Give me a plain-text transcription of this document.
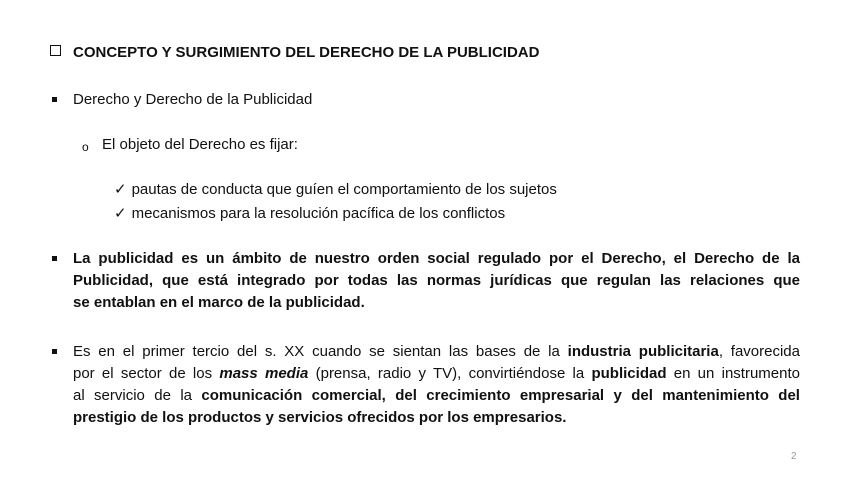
CONCEPTO Y SURGIMIENTO DEL DERECHO DE LA PUBLICIDAD
Derecho y Derecho de la Publicidad
o El objeto del Derecho es fijar:
✓ pautas de conducta que guíen el comportamiento de los sujetos
✓ mecanismos para la resolución pacífica de los conflictos
La publicidad es un ámbito de nuestro orden social regulado por el Derecho, el Derecho de la
Publicidad, que está integrado por todas las normas jurídicas que regulan las relaciones que
se entablan en el marco de la publicidad.
Es en el primer tercio del s. XX cuando se sientan las bases de la industria publicitaria, favorecida
por el sector de los mass media (prensa, radio y TV), convirtiéndose la publicidad en un instrumento
al servicio de la comunicación comercial, del crecimiento empresarial y del mantenimiento del
prestigio de los productos y servicios ofrecidos por los empresarios.
2
